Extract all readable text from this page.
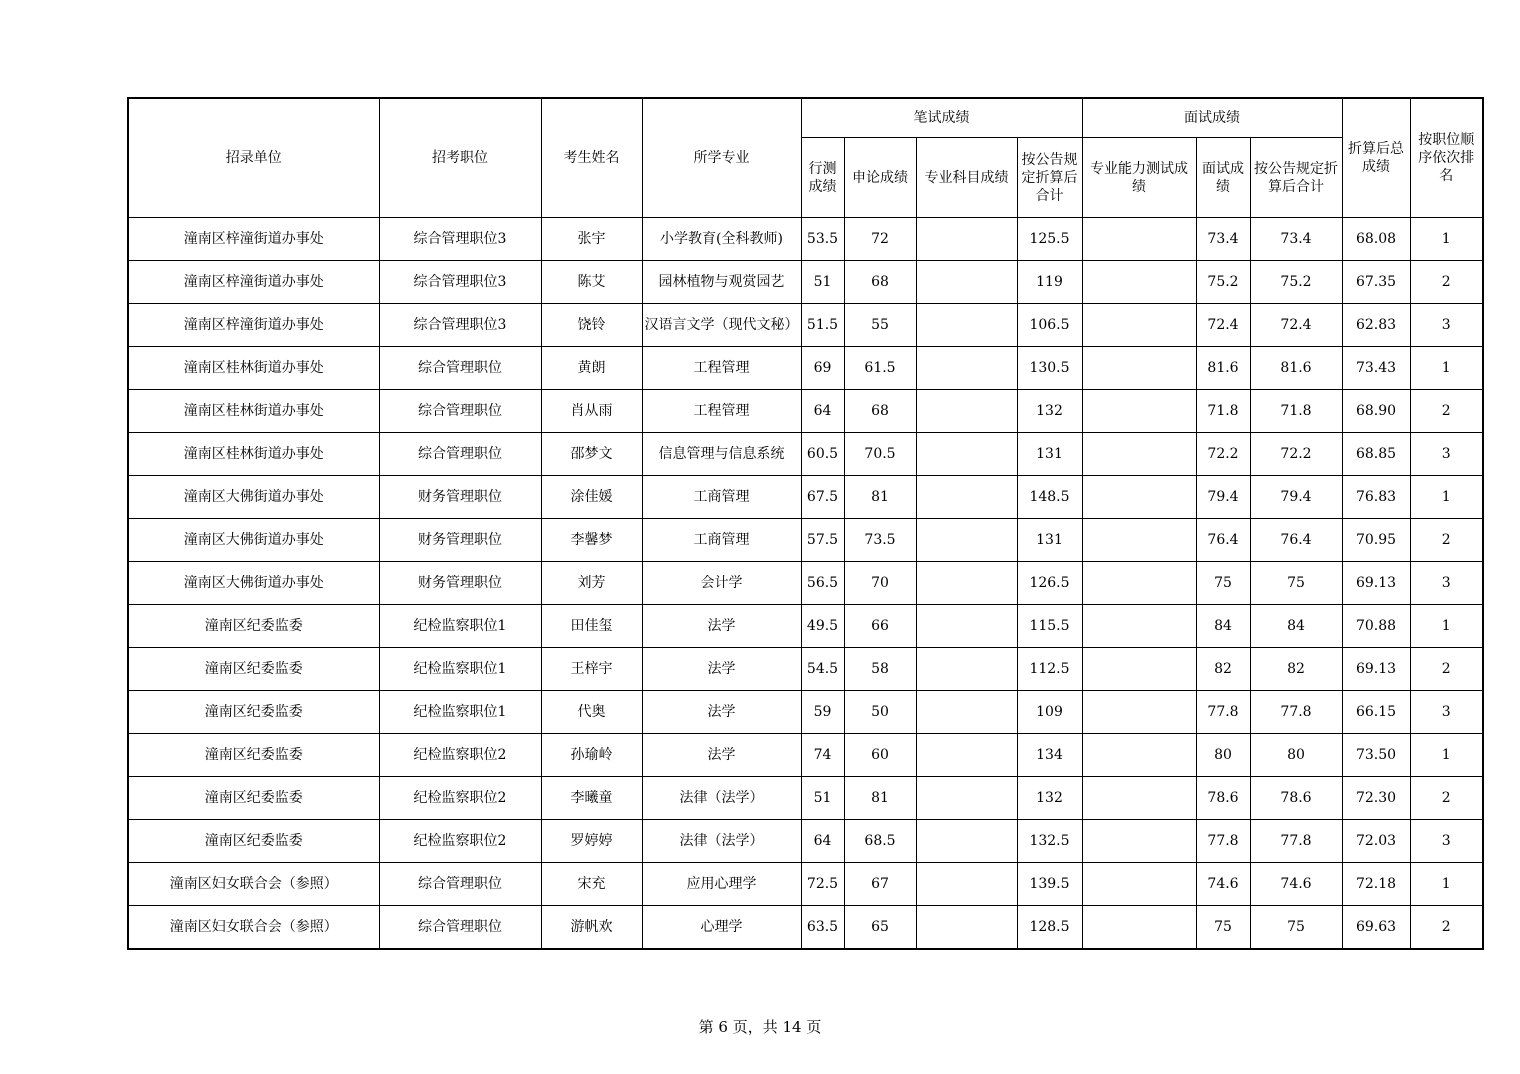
招录单位	招考职位	考生姓名	所学专业	笔试成绩				面试成绩			折算后总成绩	按职位顺序依次排名
				行测成绩	申论成绩	专业科目成绩	按公告规定折算后合计	专业能力测试成绩	面试成绩	按公告规定折算后合计		
潼南区梓潼街道办事处	综合管理职位3	张宇	小学教育(全科教师)	53.5	72		125.5		73.4	73.4	68.08	1
潼南区梓潼街道办事处	综合管理职位3	陈艾	园林植物与观赏园艺	51	68		119		75.2	75.2	67.35	2
潼南区梓潼街道办事处	综合管理职位3	饶铃	汉语言文学（现代文秘）	51.5	55		106.5		72.4	72.4	62.83	3
潼南区桂林街道办事处	综合管理职位	黄朗	工程管理	69	61.5		130.5		81.6	81.6	73.43	1
潼南区桂林街道办事处	综合管理职位	肖从雨	工程管理	64	68		132		71.8	71.8	68.90	2
潼南区桂林街道办事处	综合管理职位	邵梦文	信息管理与信息系统	60.5	70.5		131		72.2	72.2	68.85	3
潼南区大佛街道办事处	财务管理职位	涂佳媛	工商管理	67.5	81		148.5		79.4	79.4	76.83	1
潼南区大佛街道办事处	财务管理职位	李馨梦	工商管理	57.5	73.5		131		76.4	76.4	70.95	2
潼南区大佛街道办事处	财务管理职位	刘芳	会计学	56.5	70		126.5		75	75	69.13	3
潼南区纪委监委	纪检监察职位1	田佳玺	法学	49.5	66		115.5		84	84	70.88	1
潼南区纪委监委	纪检监察职位1	王梓宇	法学	54.5	58		112.5		82	82	69.13	2
潼南区纪委监委	纪检监察职位1	代奥	法学	59	50		109		77.8	77.8	66.15	3
潼南区纪委监委	纪检监察职位2	孙瑜岭	法学	74	60		134		80	80	73.50	1
潼南区纪委监委	纪检监察职位2	李曦童	法律（法学）	51	81		132		78.6	78.6	72.30	2
潼南区纪委监委	纪检监察职位2	罗婷婷	法律（法学）	64	68.5		132.5		77.8	77.8	72.03	3
潼南区妇女联合会（参照）	综合管理职位	宋充	应用心理学	72.5	67		139.5		74.6	74.6	72.18	1
潼南区妇女联合会（参照）	综合管理职位	游帆欢	心理学	63.5	65		128.5		75	75	69.63	2
第 6 页，共 14 页
